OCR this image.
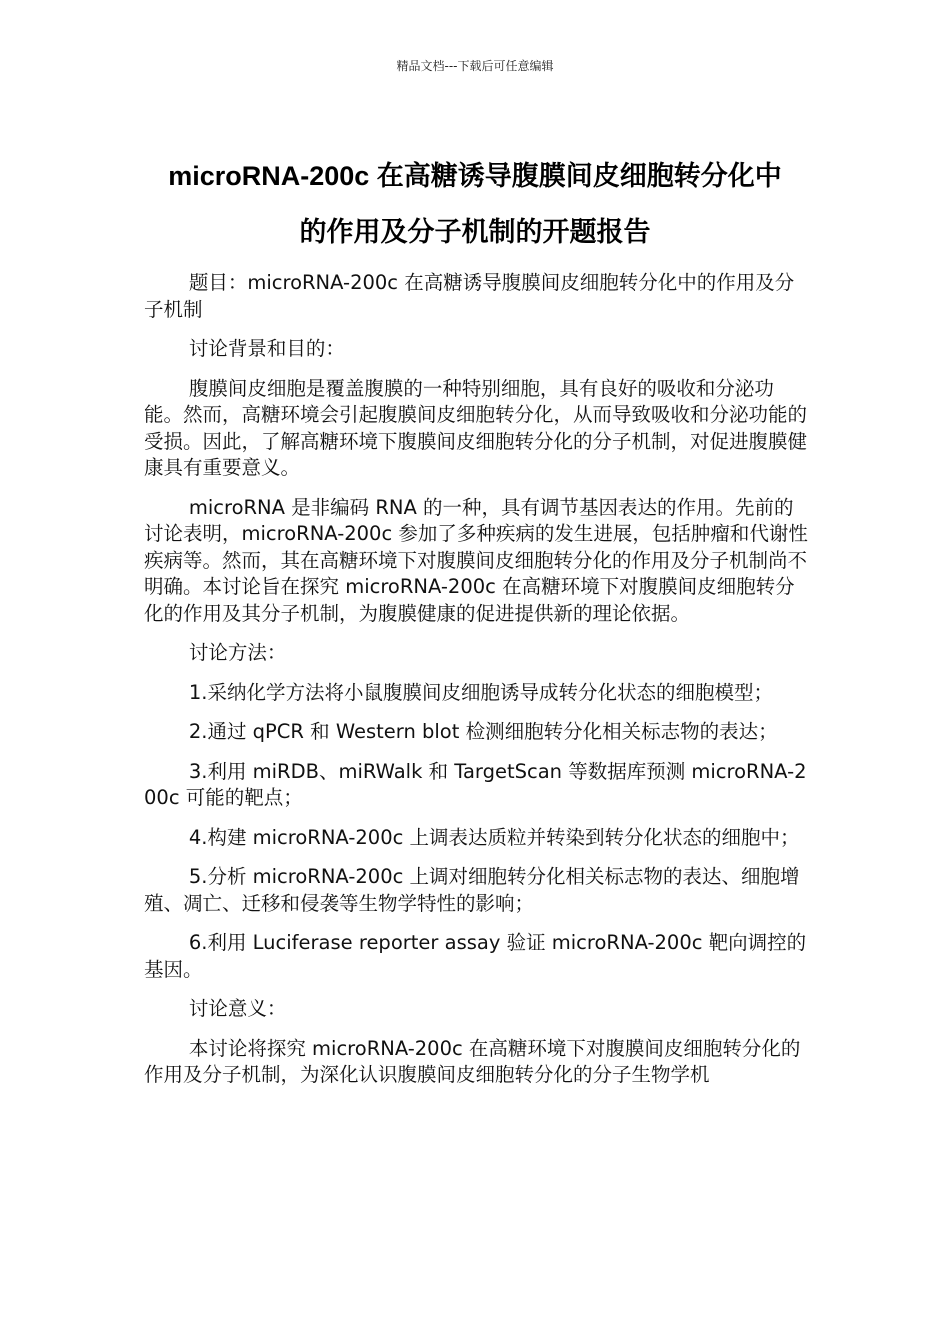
精品文档---下载后可任意编辑
microRNA-200c 在高糖诱导腹膜间皮细胞转分化中
的作用及分子机制的开题报告

题目：microRNA-200c 在高糖诱导腹膜间皮细胞转分化中的作用及分子机制

讨论背景和目的：

腹膜间皮细胞是覆盖腹膜的一种特别细胞，具有良好的吸收和分泌功能。然而，高糖环境会引起腹膜间皮细胞转分化，从而导致吸收和分泌功能的受损。因此，了解高糖环境下腹膜间皮细胞转分化的分子机制，对促进腹膜健康具有重要意义。

microRNA 是非编码 RNA 的一种，具有调节基因表达的作用。先前的讨论表明，microRNA-200c 参加了多种疾病的发生进展，包括肿瘤和代谢性疾病等。然而，其在高糖环境下对腹膜间皮细胞转分化的作用及分子机制尚不明确。本讨论旨在探究 microRNA-200c 在高糖环境下对腹膜间皮细胞转分化的作用及其分子机制，为腹膜健康的促进提供新的理论依据。

讨论方法：

1.采纳化学方法将小鼠腹膜间皮细胞诱导成转分化状态的细胞模型；

2.通过 qPCR 和 Western blot 检测细胞转分化相关标志物的表达；

3.利用 miRDB、miRWalk 和 TargetScan 等数据库预测 microRNA-200c 可能的靶点；

4.构建 microRNA-200c 上调表达质粒并转染到转分化状态的细胞中；

5.分析 microRNA-200c 上调对细胞转分化相关标志物的表达、细胞增殖、凋亡、迁移和侵袭等生物学特性的影响；

6.利用 Luciferase reporter assay 验证 microRNA-200c 靶向调控的基因。

讨论意义：

本讨论将探究 microRNA-200c 在高糖环境下对腹膜间皮细胞转分化的作用及分子机制，为深化认识腹膜间皮细胞转分化的分子生物学机
